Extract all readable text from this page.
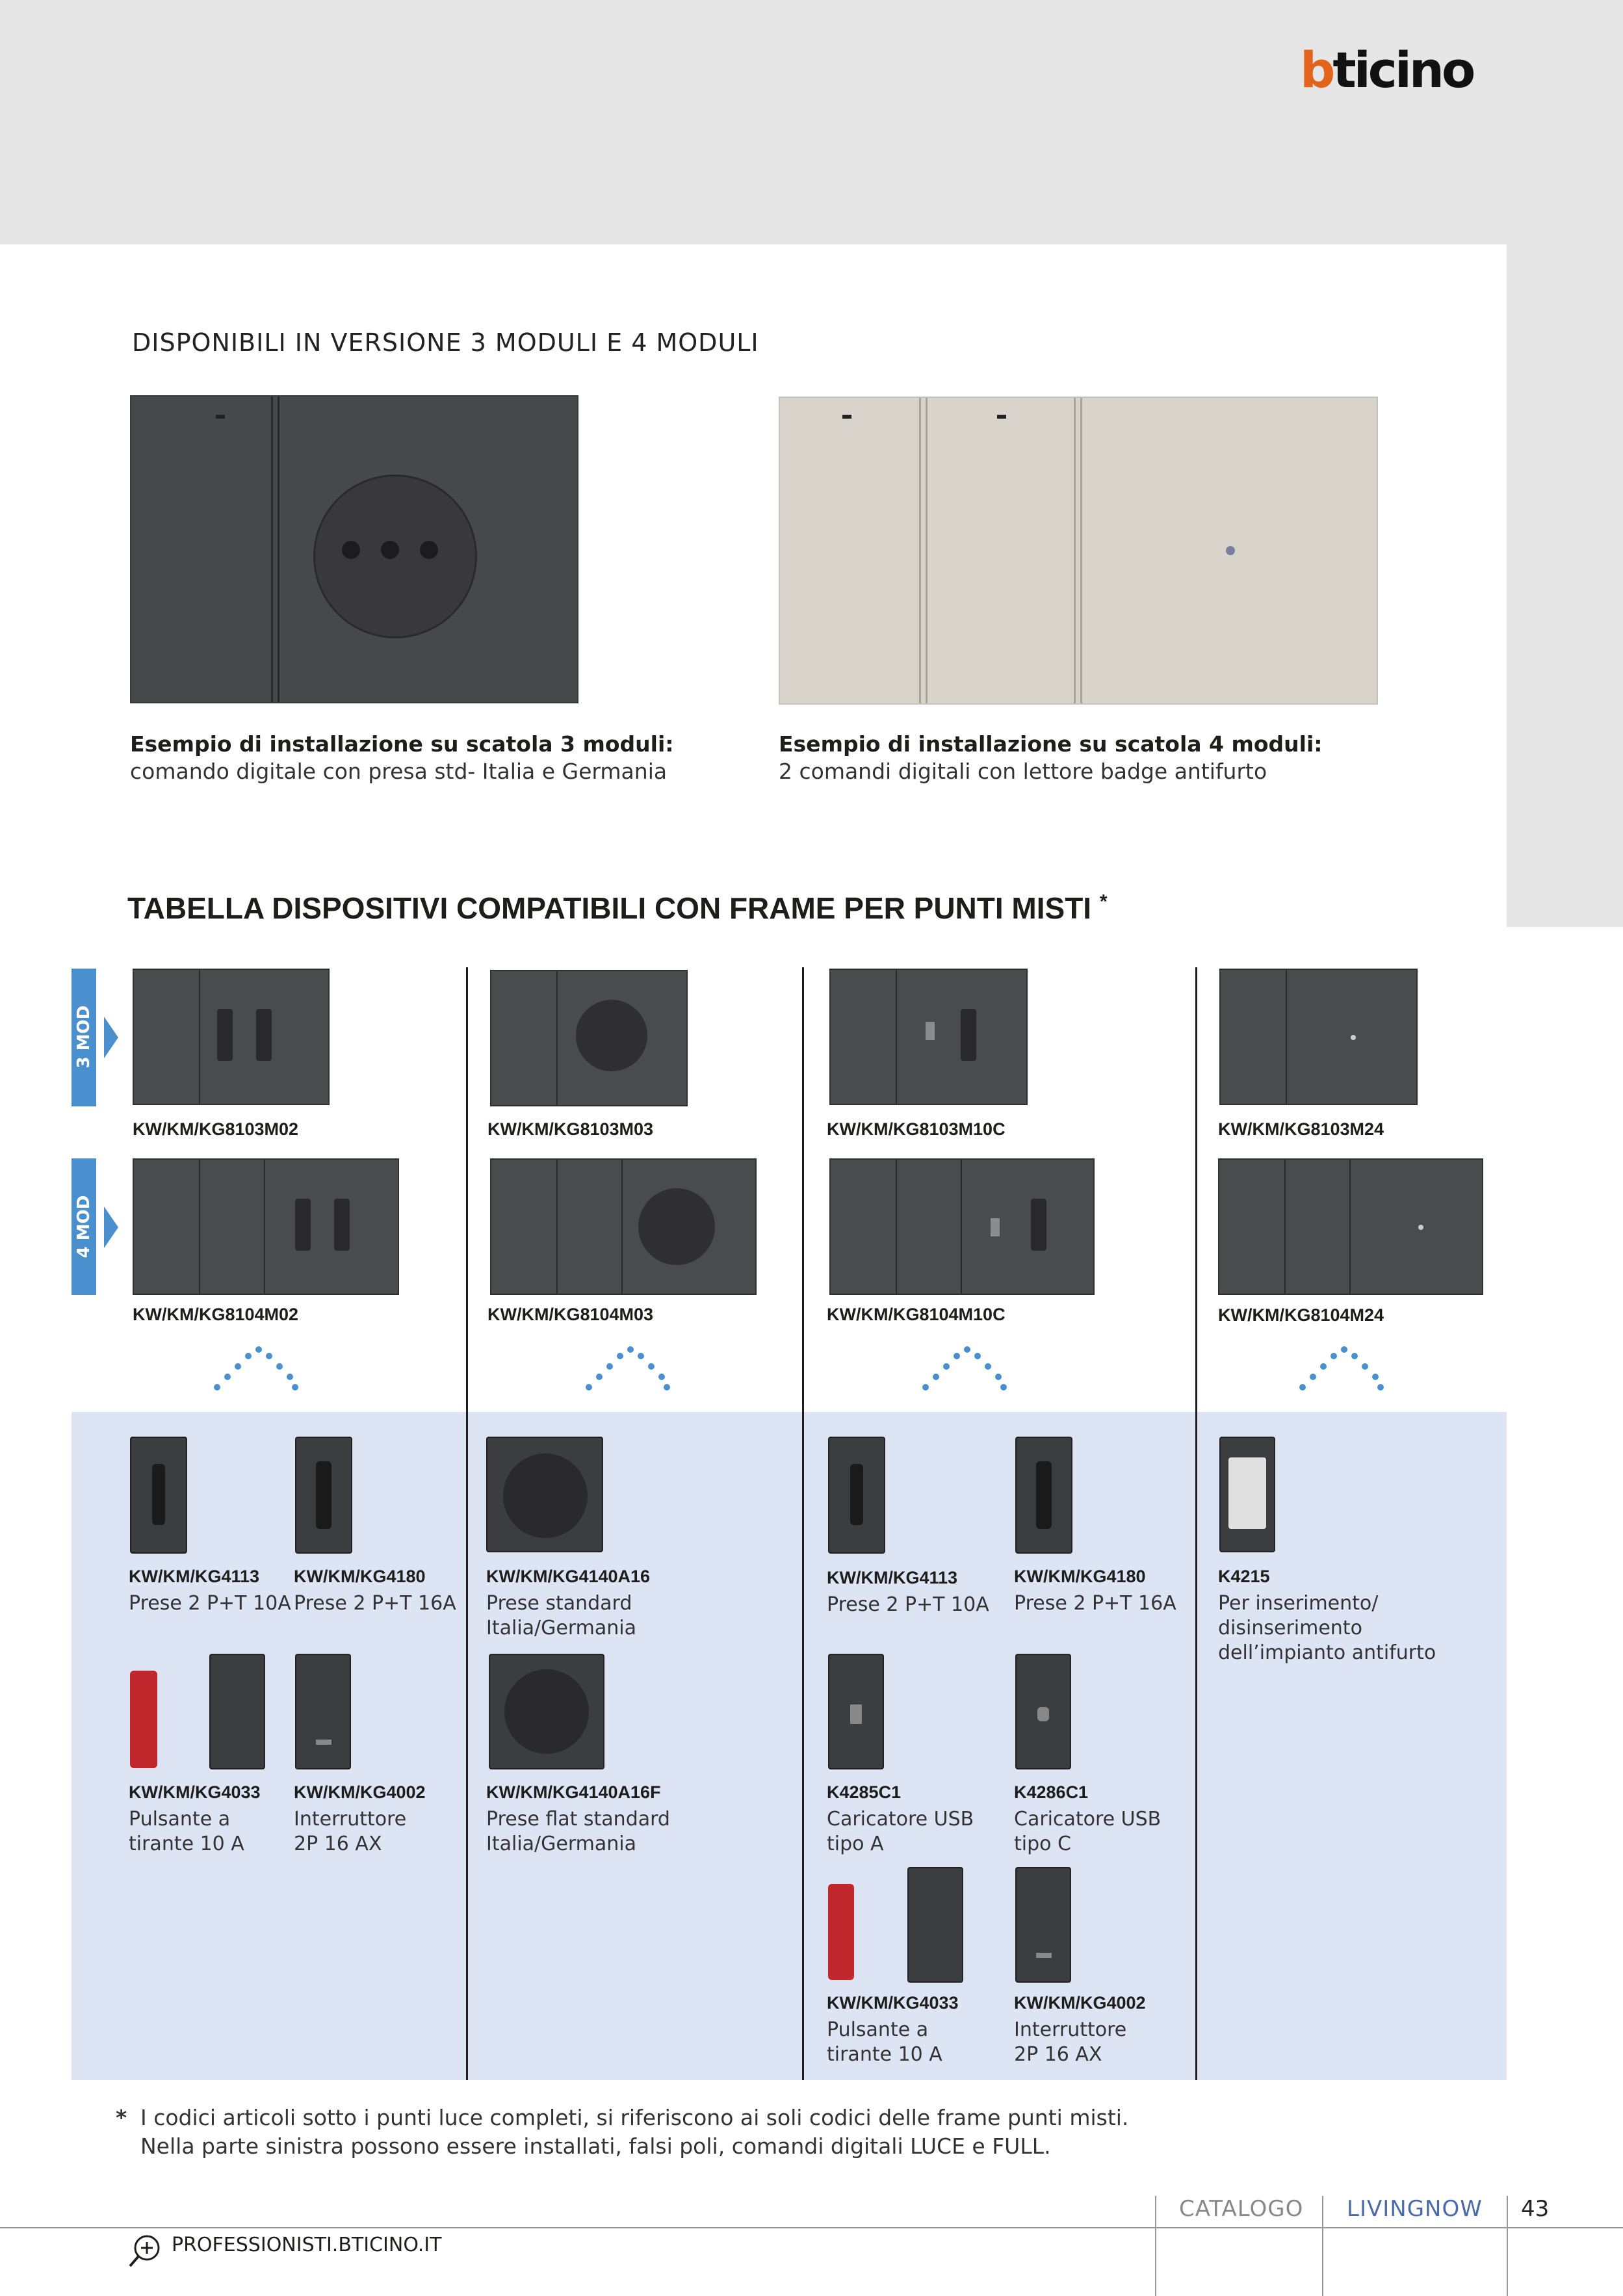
bticino
DISPONIBILI IN VERSIONE 3 MODULI E 4 MODULI
Esempio di installazione su scatola 3 moduli:
comando digitale con presa std- Italia e Germania
Esempio di installazione su scatola 4 moduli:
2 comandi digitali con lettore badge antifurto
TABELLA DISPOSITIVI COMPATIBILI CON FRAME PER PUNTI MISTI *
3 MOD
4 MOD
KW/KM/KG8103M02
KW/KM/KG8104M02
KW/KM/KG8103M03
KW/KM/KG8104M03
KW/KM/KG8103M10C
KW/KM/KG8104M10C
KW/KM/KG8103M24
KW/KM/KG8104M24
KW/KM/KG4113
Prese 2 P+T 10A
KW/KM/KG4180
Prese 2 P+T 16A
KW/KM/KG4033
Pulsante a
tirante 10 A
KW/KM/KG4002
Interruttore
2P 16 AX
KW/KM/KG4140A16
Prese standard
Italia/Germania
KW/KM/KG4140A16F
Prese flat standard
Italia/Germania
KW/KM/KG4113
Prese 2 P+T 10A
KW/KM/KG4180
Prese 2 P+T 16A
K4285C1
Caricatore USB
tipo A
K4286C1
Caricatore USB
tipo C
KW/KM/KG4033
Pulsante a
tirante 10 A
KW/KM/KG4002
Interruttore
2P 16 AX
K4215
Per inserimento/
disinserimento
dell’impianto antifurto
* I codici articoli sotto i punti luce completi, si riferiscono ai soli codici delle frame punti misti.
Nella parte sinistra possono essere installati, falsi poli, comandi digitali LUCE e FULL.
CATALOGO LIVINGNOW 43
PROFESSIONISTI.BTICINO.IT
